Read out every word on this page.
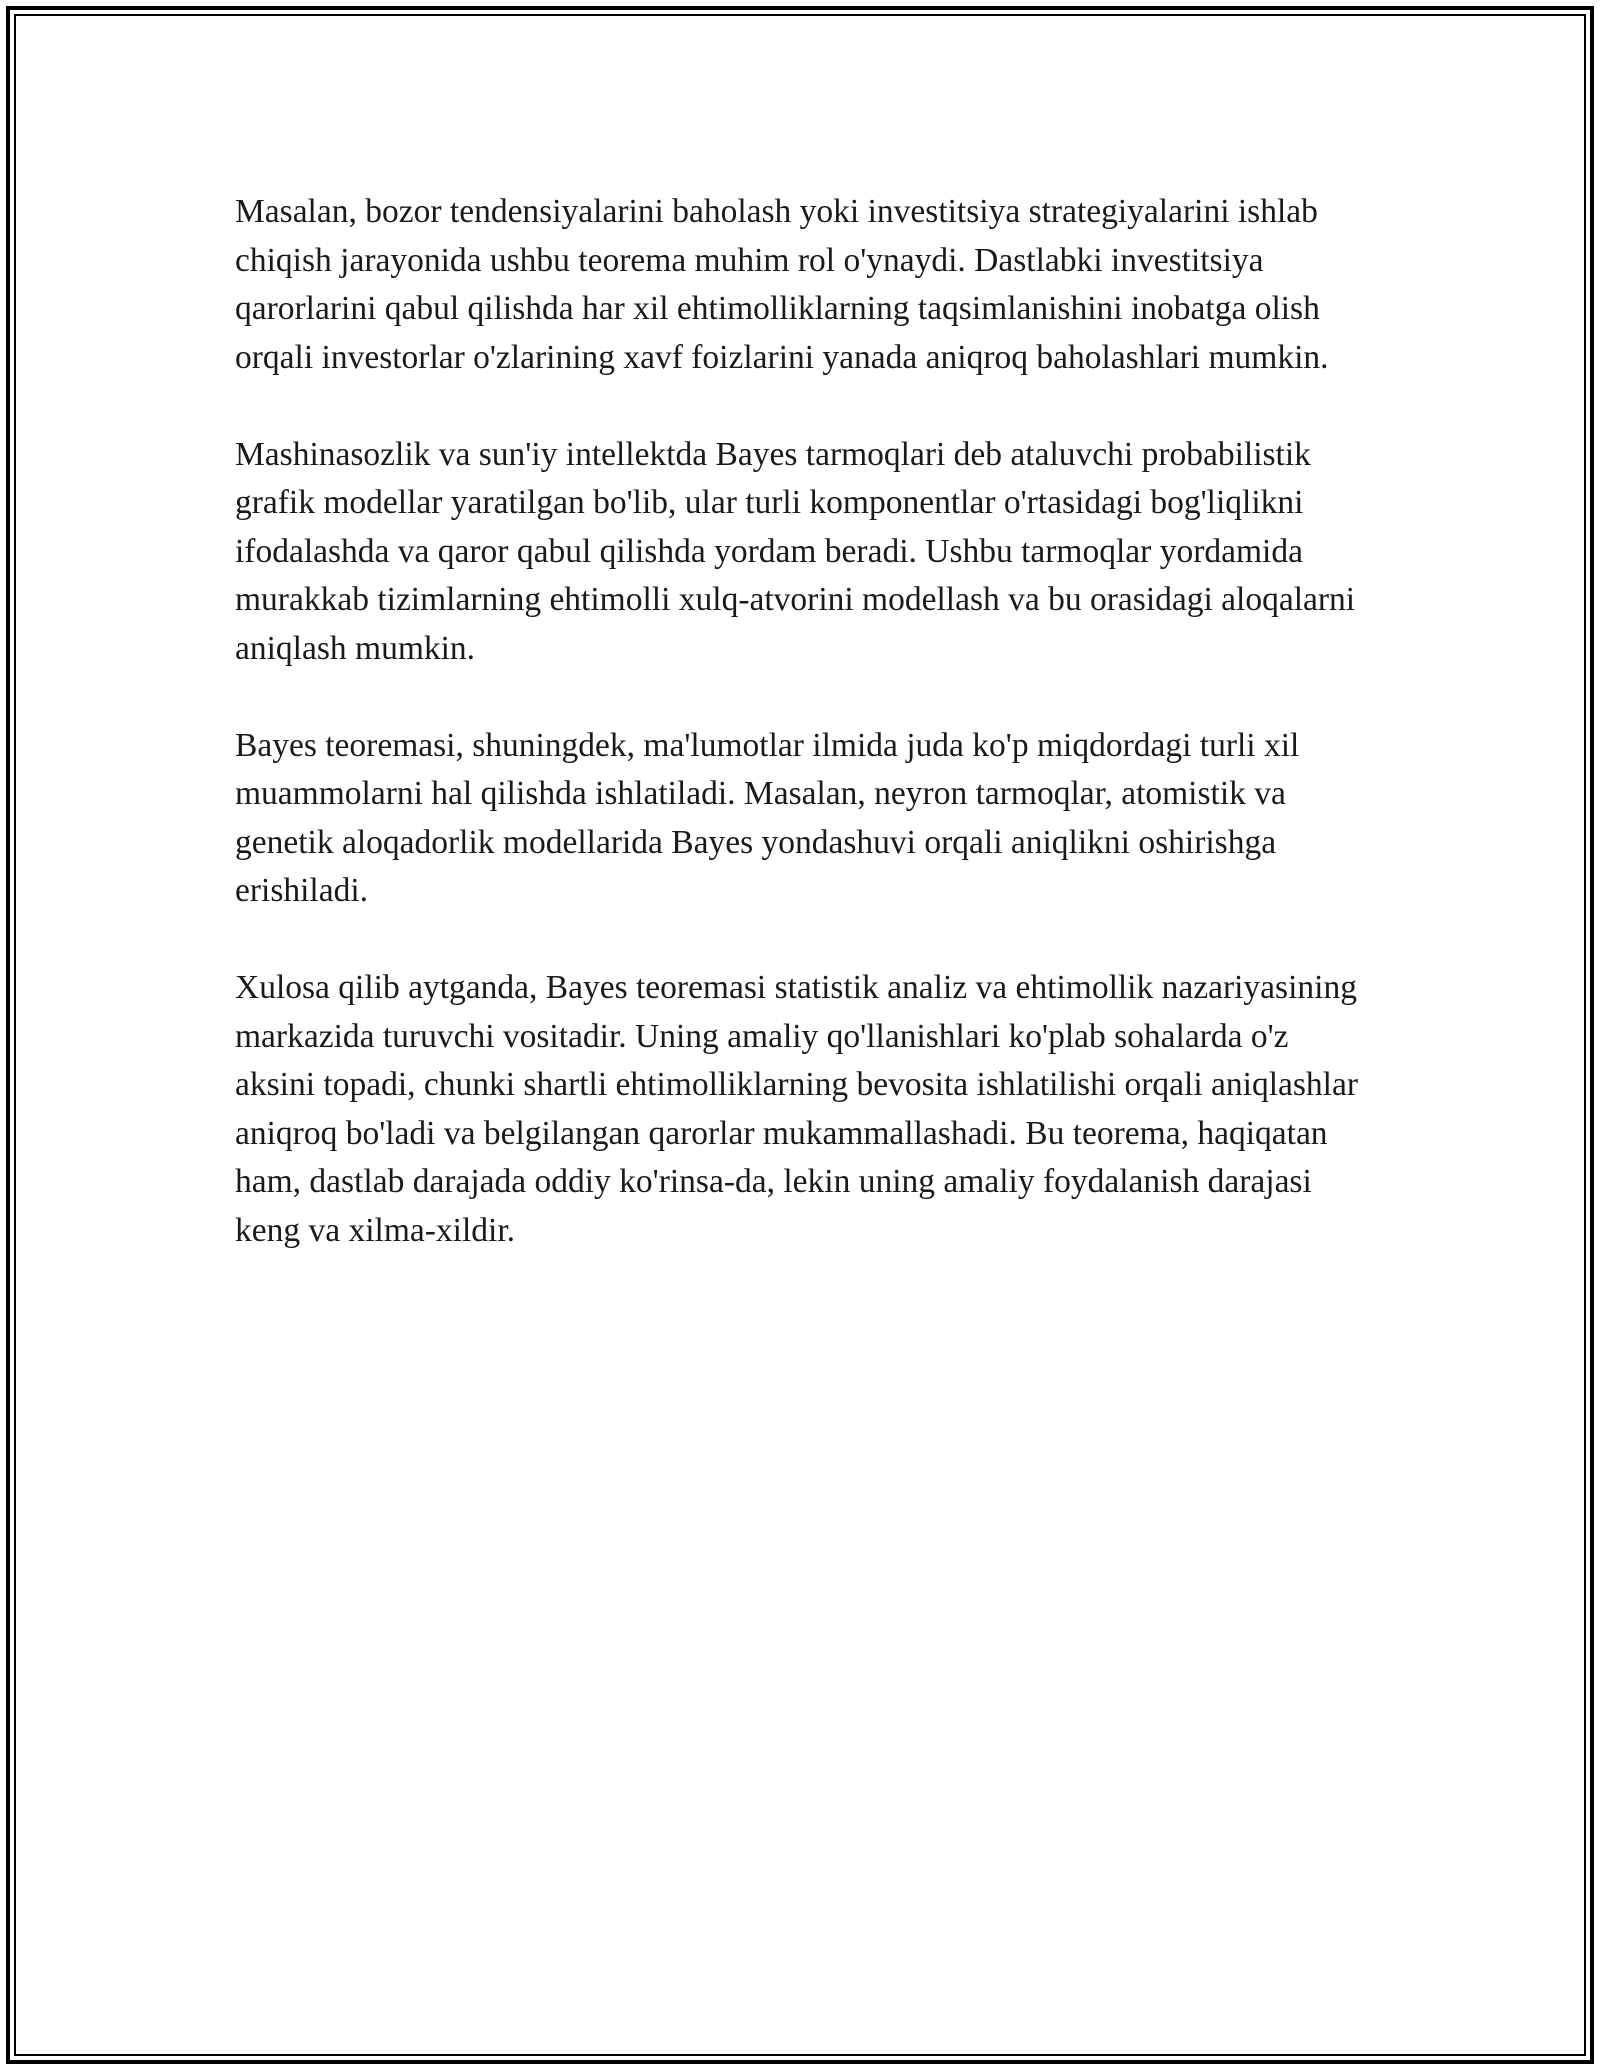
Masalan, bozor tendensiyalarini baholash yoki investitsiya strategiyalarini ishlab chiqish jarayonida ushbu teorema muhim rol o'ynaydi. Dastlabki investitsiya qarorlarini qabul qilishda har xil ehtimolliklarning taqsimlanishini inobatga olish orqali investorlar o'zlarining xavf foizlarini yanada aniqroq baholashlari mumkin.

Mashinasozlik va sun'iy intellektda Bayes tarmoqlari deb ataluvchi probabilistik grafik modellar yaratilgan bo'lib, ular turli komponentlar o'rtasidagi bog'liqlikni ifodalashda va qaror qabul qilishda yordam beradi. Ushbu tarmoqlar yordamida murakkab tizimlarning ehtimolli xulq-atvorini modellash va bu orasidagi aloqalarni aniqlash mumkin.

Bayes teoremasi, shuningdek, ma'lumotlar ilmida juda ko'p miqdordagi turli xil muammolarni hal qilishda ishlatiladi. Masalan, neyron tarmoqlar, atomistik va genetik aloqadorlik modellarida Bayes yondashuvi orqali aniqlikni oshirishga erishiladi.

Xulosa qilib aytganda, Bayes teoremasi statistik analiz va ehtimollik nazariyasining markazida turuvchi vositadir. Uning amaliy qo'llanishlari ko'plab sohalarda o'z aksini topadi, chunki shartli ehtimolliklarning bevosita ishlatilishi orqali aniqlashlar aniqroq bo'ladi va belgilangan qarorlar mukammallashadi. Bu teorema, haqiqatan ham, dastlab darajada oddiy ko'rinsa-da, lekin uning amaliy foydalanish darajasi keng va xilma-xildir.
